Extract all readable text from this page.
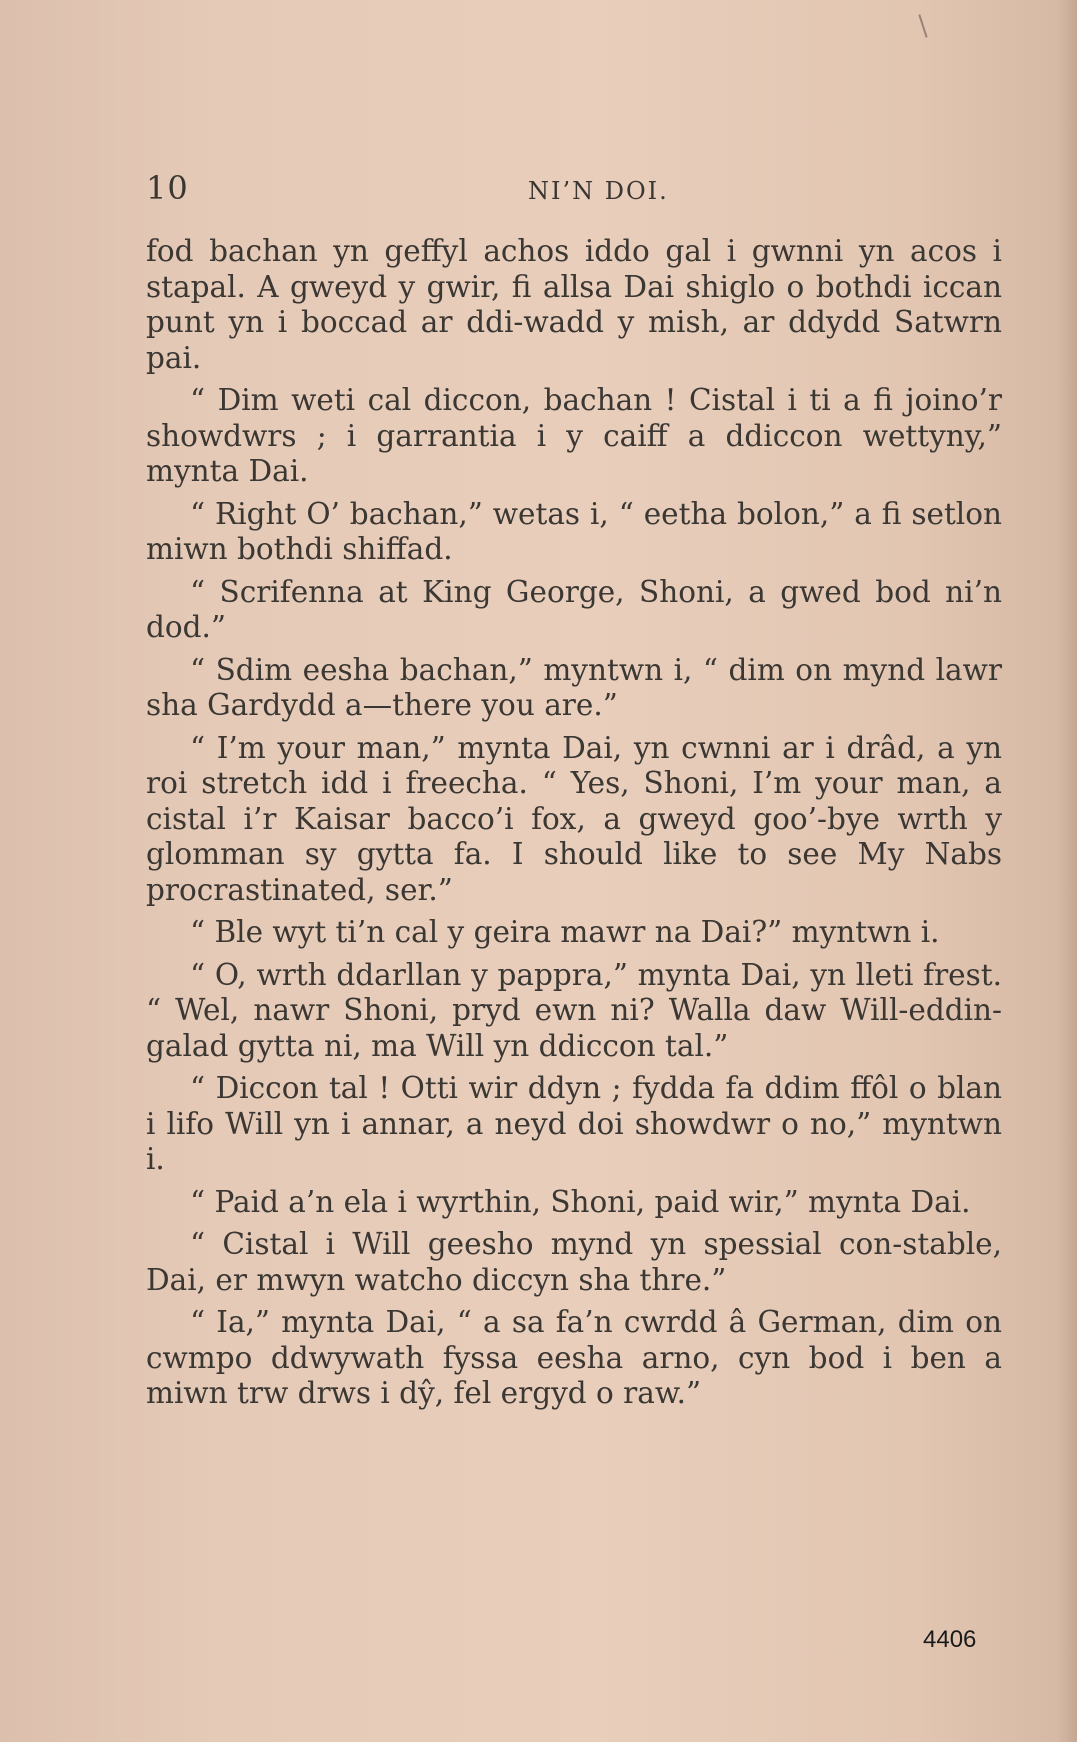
10	NI’N DOI.

fod bachan yn geffyl achos iddo gal i gwnni yn acos i stapal. A gweyd y gwir, fi allsa Dai shiglo o bothdi iccan punt yn i boccad ar ddi-wadd y mish, ar ddydd Satwrn pai.

“ Dim weti cal diccon, bachan ! Cistal i ti a fi joino’r showdwrs ; i garrantia i y caiff a ddiccon wettyny,” mynta Dai.

“ Right O’ bachan,” wetas i, “ eetha bolon,” a fi setlon miwn bothdi shiffad.

“ Scrifenna at King George, Shoni, a gwed bod ni’n dod.”

“ Sdim eesha bachan,” myntwn i, “ dim on mynd lawr sha Gardydd a—there you are.”

“ I’m your man,” mynta Dai, yn cwnni ar i drâd, a yn roi stretch idd i freecha. “ Yes, Shoni, I’m your man, a cistal i’r Kaisar bacco’i fox, a gweyd goo’-bye wrth y glomman sy gytta fa. I should like to see My Nabs procrastinated, ser.”

“ Ble wyt ti’n cal y geira mawr na Dai?” myntwn i.

“ O, wrth ddarllan y pappra,” mynta Dai, yn lleti frest. “ Wel, nawr Shoni, pryd ewn ni? Walla daw Will-eddin-galad gytta ni, ma Will yn ddiccon tal.”

“ Diccon tal ! Otti wir ddyn ; fydda fa ddim ffôl o blan i lifo Will yn i annar, a neyd doi showdwr o no,” myntwn i.

“ Paid a’n ela i wyrthin, Shoni, paid wir,” mynta Dai.

“ Cistal i Will geesho mynd yn spessial con-stable, Dai, er mwyn watcho diccyn sha thre.”

“ Ia,” mynta Dai, “ a sa fa’n cwrdd â German, dim on cwmpo ddwywath fyssa eesha arno, cyn bod i ben a miwn trw drws i dŷ, fel ergyd o raw.”

4406
